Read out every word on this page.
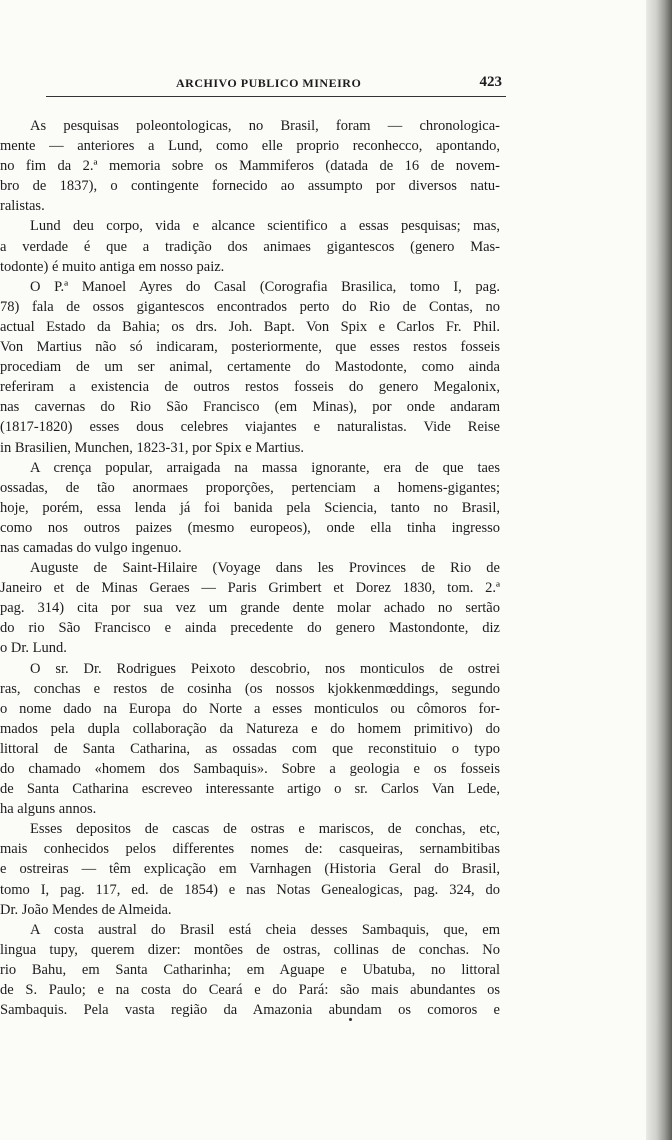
ARCHIVO PUBLICO MINEIRO	423
As pesquisas poleontologicas, no Brasil, foram — chronologica-
mente — anteriores a Lund, como elle proprio reconhecco, apontando,
no fim da 2.ª memoria sobre os Mammiferos (datada de 16 de novem-
bro de 1837), o contingente fornecido ao assumpto por diversos natu-
ralistas.
Lund deu corpo, vida e alcance scientifico a essas pesquisas; mas,
a verdade é que a tradição dos animaes gigantescos (genero Mas-
todonte) é muito antiga em nosso paiz.
O P.ª Manoel Ayres do Casal (Corografia Brasilica, tomo I, pag.
78) fala de ossos gigantescos encontrados perto do Rio de Contas, no
actual Estado da Bahia; os drs. Joh. Bapt. Von Spix e Carlos Fr. Phil.
Von Martius não só indicaram, posteriormente, que esses restos fosseis
procediam de um ser animal, certamente do Mastodonte, como ainda
referiram a existencia de outros restos fosseis do genero Megalonix,
nas cavernas do Rio São Francisco (em Minas), por onde andaram
(1817-1820) esses dous celebres viajantes e naturalistas. Vide Reise
in Brasilien, Munchen, 1823-31, por Spix e Martius.
A crença popular, arraigada na massa ignorante, era de que taes
ossadas, de tão anormaes proporções, pertenciam a homens-gigantes;
hoje, porém, essa lenda já foi banida pela Sciencia, tanto no Brasil,
como nos outros paizes (mesmo europeos), onde ella tinha ingresso
nas camadas do vulgo ingenuo.
Auguste de Saint-Hilaire (Voyage dans les Provinces de Rio de
Janeiro et de Minas Geraes — Paris Grimbert et Dorez 1830, tom. 2.ª
pag. 314) cita por sua vez um grande dente molar achado no sertão
do rio São Francisco e ainda precedente do genero Mastondonte, diz
o Dr. Lund.
O sr. Dr. Rodrigues Peixoto descobrio, nos monticulos de ostrei
ras, conchas e restos de cosinha (os nossos kjokkenmœddings, segundo
o nome dado na Europa do Norte a esses monticulos ou cômoros for-
mados pela dupla collaboração da Natureza e do homem primitivo) do
littoral de Santa Catharina, as ossadas com que reconstituio o typo
do chamado «homem dos Sambaquis». Sobre a geologia e os fosseis
de Santa Catharina escreveo interessante artigo o sr. Carlos Van Lede,
ha alguns annos.
Esses depositos de cascas de ostras e mariscos, de conchas, etc,
mais conhecidos pelos differentes nomes de: casqueiras, sernambitibas
e ostreiras — têm explicação em Varnhagen (Historia Geral do Brasil,
tomo I, pag. 117, ed. de 1854) e nas Notas Genealogicas, pag. 324, do
Dr. João Mendes de Almeida.
A costa austral do Brasil está cheia desses Sambaquis, que, em
lingua tupy, querem dizer: montões de ostras, collinas de conchas. No
rio Bahu, em Santa Catharinha; em Aguape e Ubatuba, no littoral
de S. Paulo; e na costa do Ceará e do Pará: são mais abundantes os
Sambaquis. Pela vasta região da Amazonia abundam os comoros e
